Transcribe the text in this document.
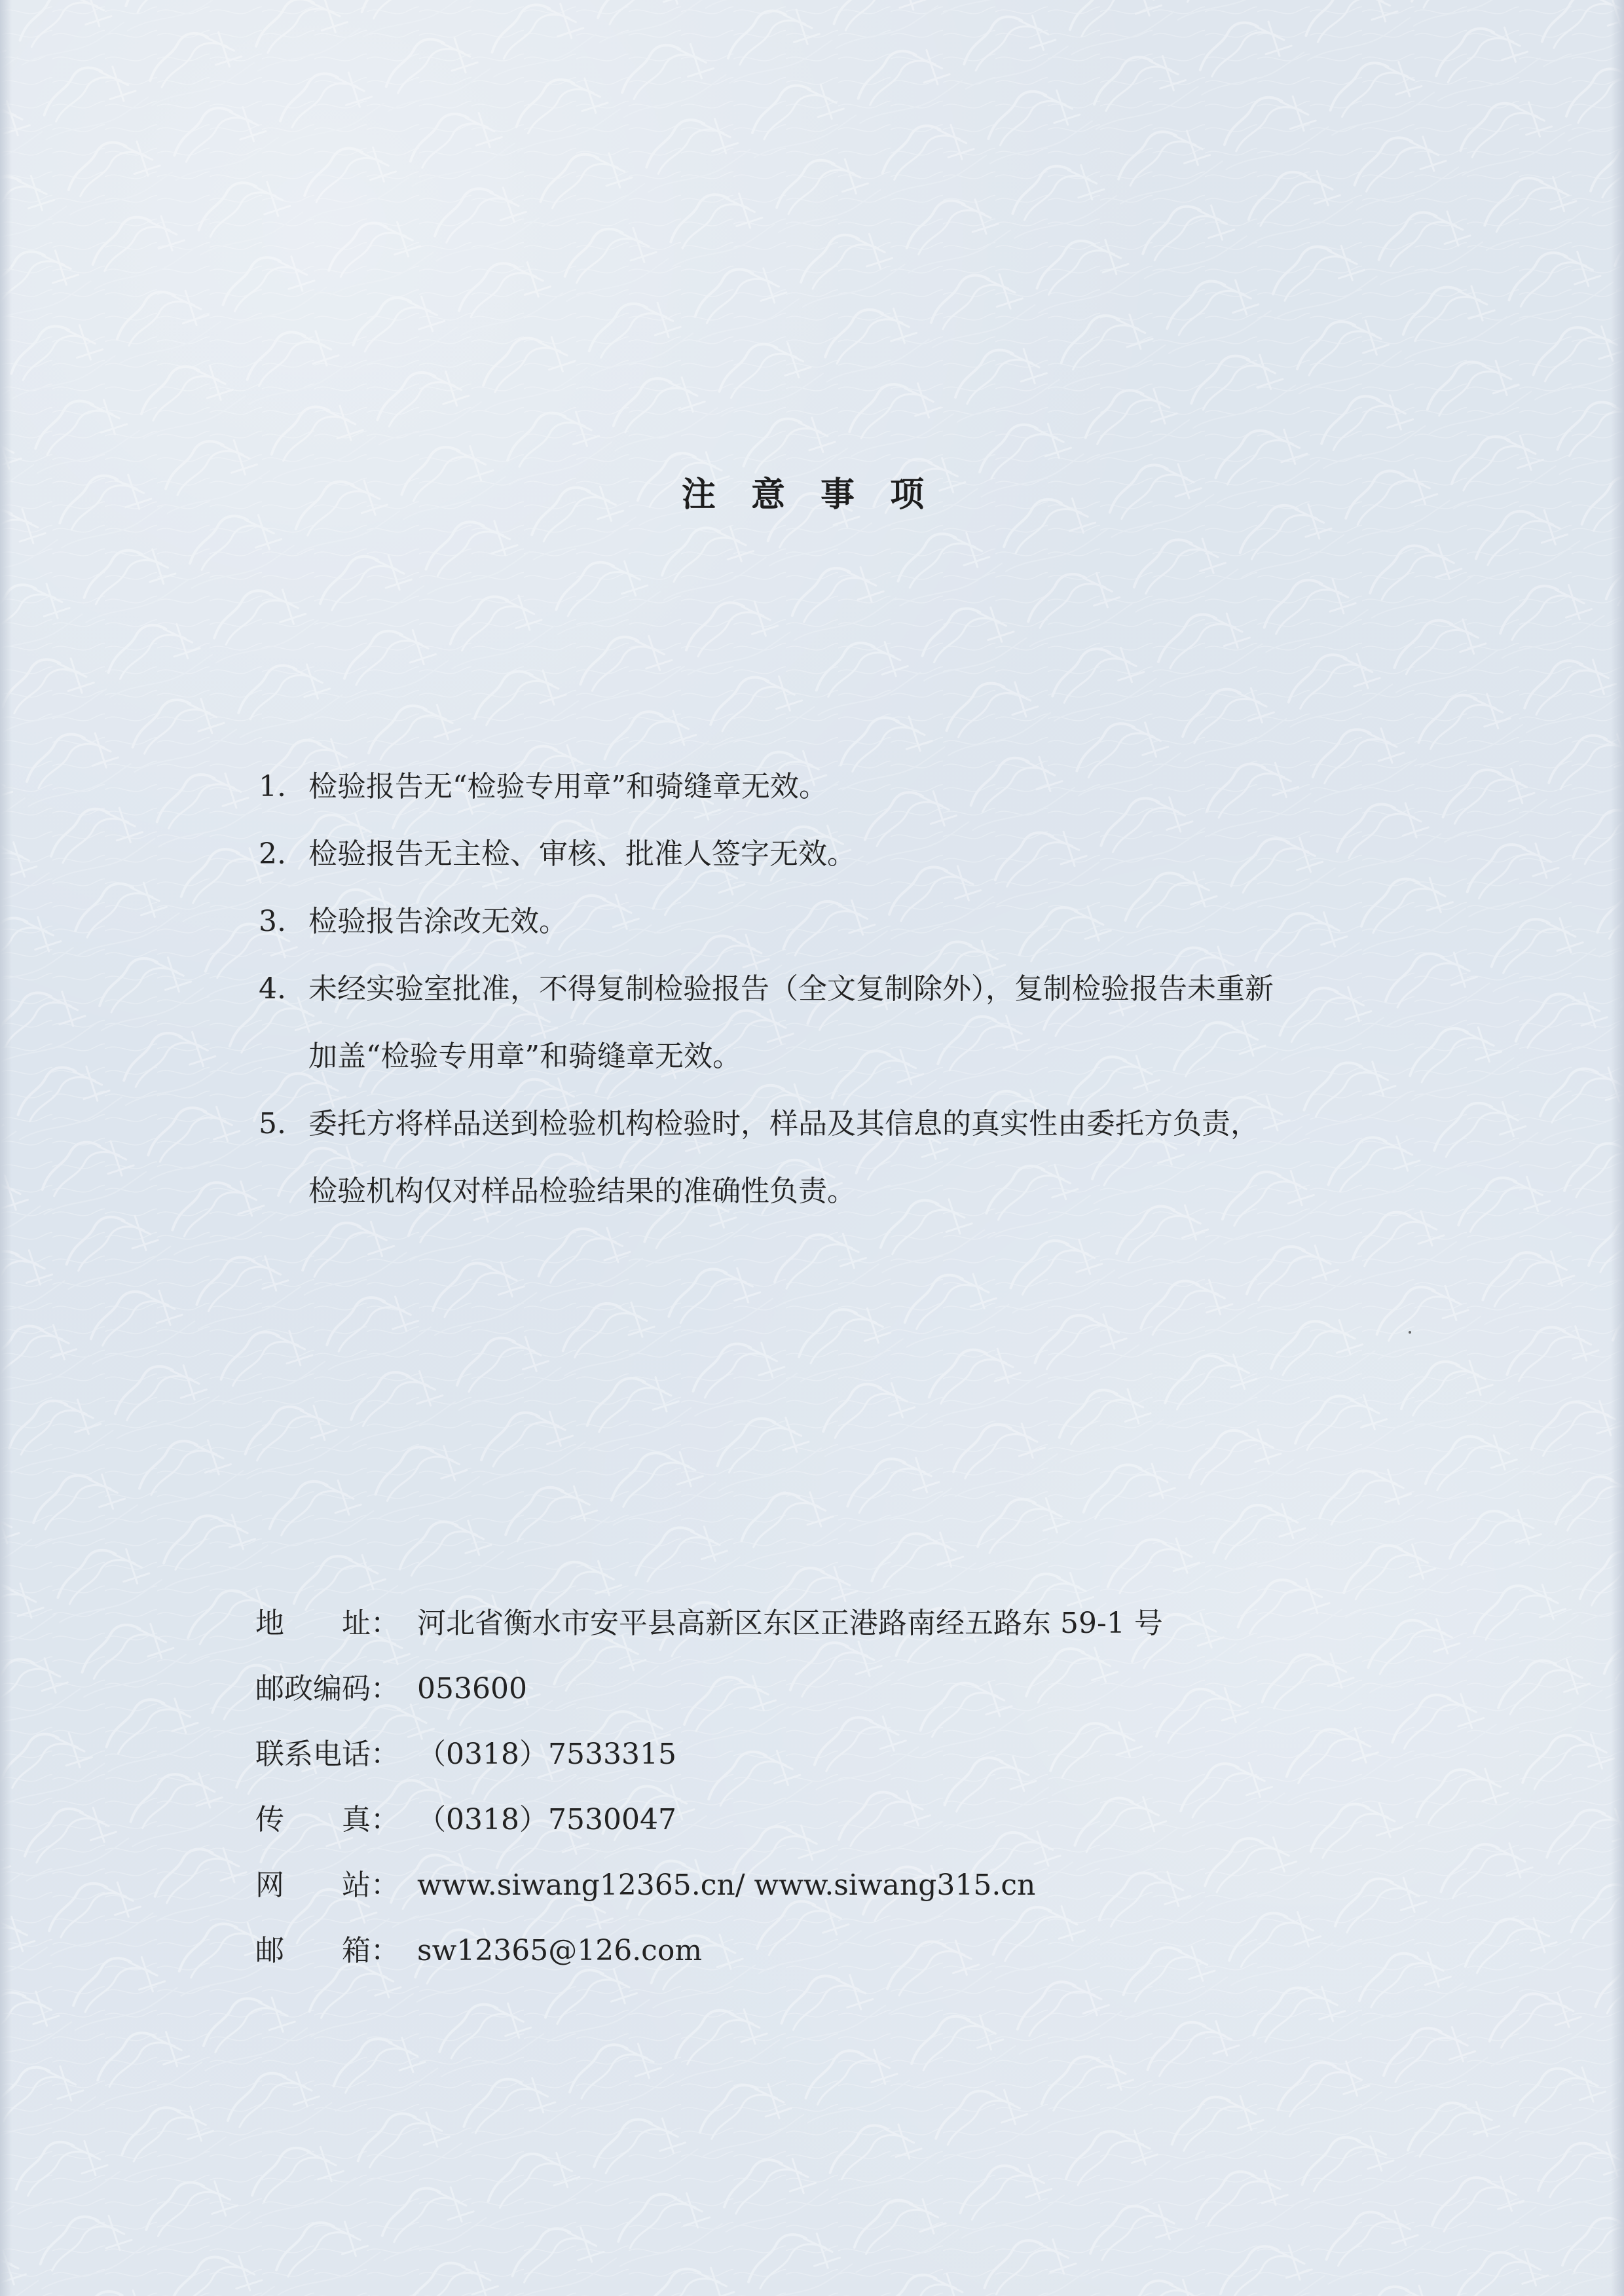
注 意 事 项
1. 检验报告无“检验专用章”和骑缝章无效。
2. 检验报告无主检、审核、批准人签字无效。
3. 检验报告涂改无效。
4. 未经实验室批准，不得复制检验报告（全文复制除外），复制检验报告未重新
加盖“检验专用章”和骑缝章无效。
5. 委托方将样品送到检验机构检验时，样品及其信息的真实性由委托方负责，
检验机构仅对样品检验结果的准确性负责。
地　　址： 河北省衡水市安平县高新区东区正港路南经五路东 59-1 号
邮政编码： 053600
联系电话： （0318）7533315
传　　真： （0318）7530047
网　　站： www.siwang12365.cn/ www.siwang315.cn
邮　　箱： sw12365@126.com
